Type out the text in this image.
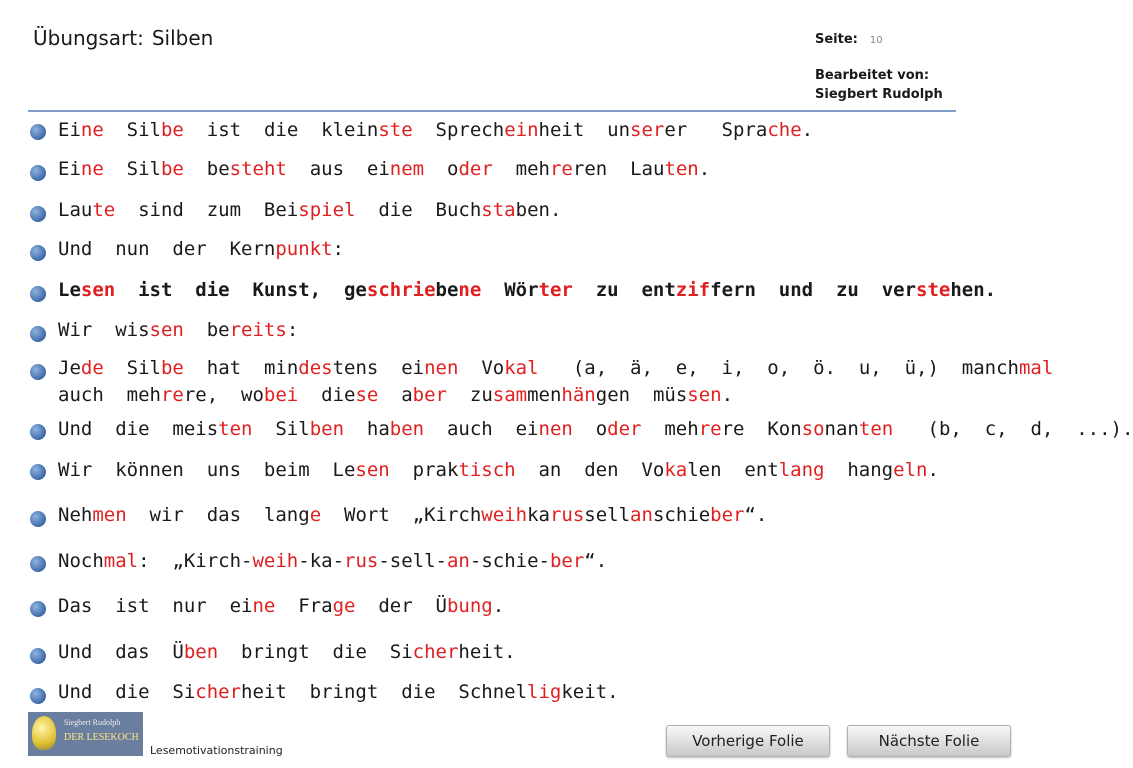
Übungsart: Silben	Seite: 10
Bearbeitet von:
Siegbert Rudolph
Eine  Silbe  ist  die  kleinste  Sprecheinheit  unserer   Sprache.
Eine  Silbe  besteht  aus  einem  oder  mehreren  Lauten.
Laute  sind  zum  Beispiel  die  Buchstaben.
Und  nun  der  Kernpunkt:
Lesen  ist  die  Kunst,  geschriebene  Wörter  zu  entziffern  und  zu  verstehen.
Wir  wissen  bereits:
Jede  Silbe  hat  mindestens  einen  Vokal   (a,  ä,  e,  i,  o,  ö.  u,  ü,)  manchmal
auch  mehrere,  wobei  diese  aber  zusammenhängen  müssen.
Und  die  meisten  Silben  haben  auch  einen  oder  mehrere  Konsonanten   (b,  c,  d,  ...).
Wir  können  uns  beim  Lesen  praktisch  an  den  Vokalen  entlang  hangeln.
Nehmen  wir  das  lange  Wort  „Kirchweihkarussellanschieber“.
Nochmal:  „Kirch-weih-ka-rus-sell-an-schie-ber“.
Das  ist  nur  eine  Frage  der  Übung.
Und  das  Üben  bringt  die  Sicherheit.
Und  die  Sicherheit  bringt  die  Schnelligkeit.
Siegbert Rudolph
DER LESEKOCH
Lesemotivationstraining
Vorherige Folie	Nächste Folie
